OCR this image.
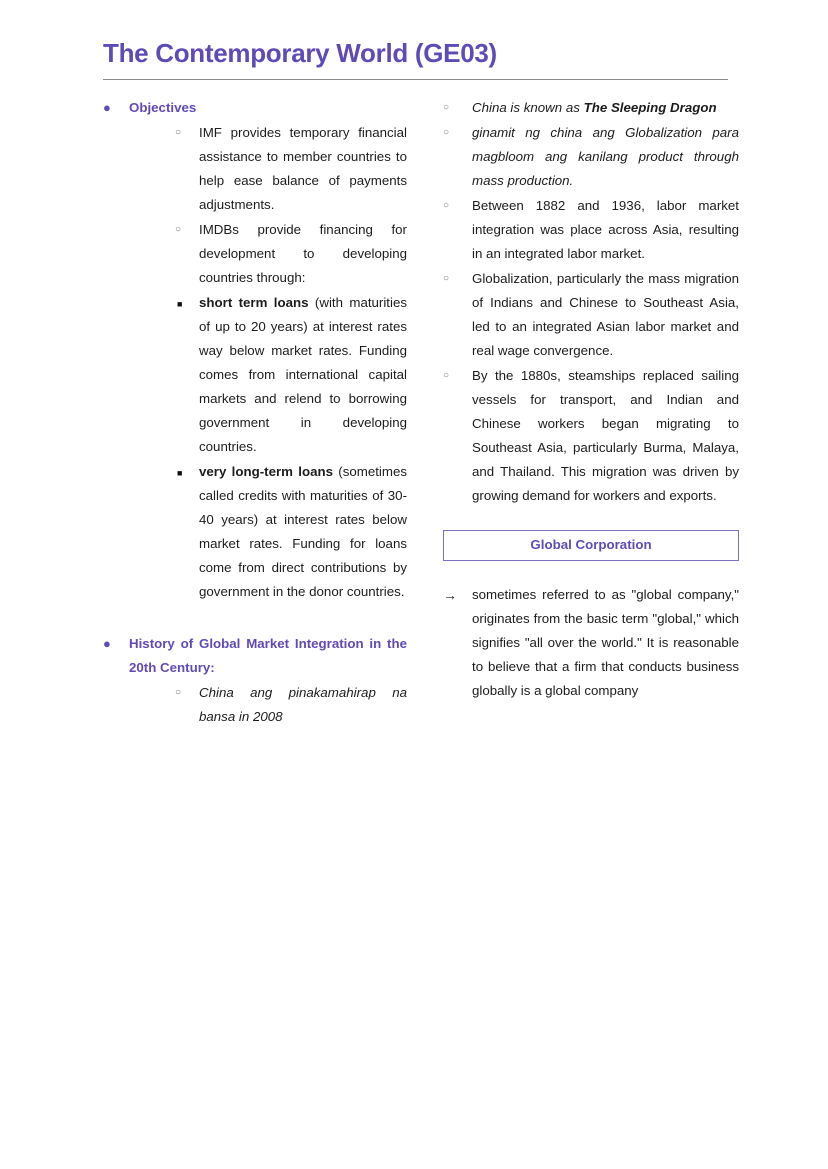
The Contemporary World (GE03)
●	Objectives
○	IMF provides temporary financial assistance to member countries to help ease balance of payments adjustments.
○	IMDBs provide financing for development to developing countries through:
■	short term loans (with maturities of up to 20 years) at interest rates way below market rates. Funding comes from international capital markets and relend to borrowing government in developing countries.
■	very long-term loans (sometimes called credits with maturities of 30- 40 years) at interest rates below market rates. Funding for loans come from direct contributions by government in the donor countries.
●	History of Global Market Integration in the 20th Century:
○	China ang pinakamahirap na bansa in 2008
○	China is known as The Sleeping Dragon
○	ginamit ng china ang Globalization para magbloom ang kanilang product through mass production.
○	Between 1882 and 1936, labor market integration was place across Asia, resulting in an integrated labor market.
○	Globalization, particularly the mass migration of Indians and Chinese to Southeast Asia, led to an integrated Asian labor market and real wage convergence.
○	By the 1880s, steamships replaced sailing vessels for transport, and Indian and Chinese workers began migrating to Southeast Asia, particularly Burma, Malaya, and Thailand. This migration was driven by growing demand for workers and exports.
Global Corporation
→	sometimes referred to as "global company," originates from the basic term "global," which signifies "all over the world." It is reasonable to believe that a firm that conducts business globally is a global company
